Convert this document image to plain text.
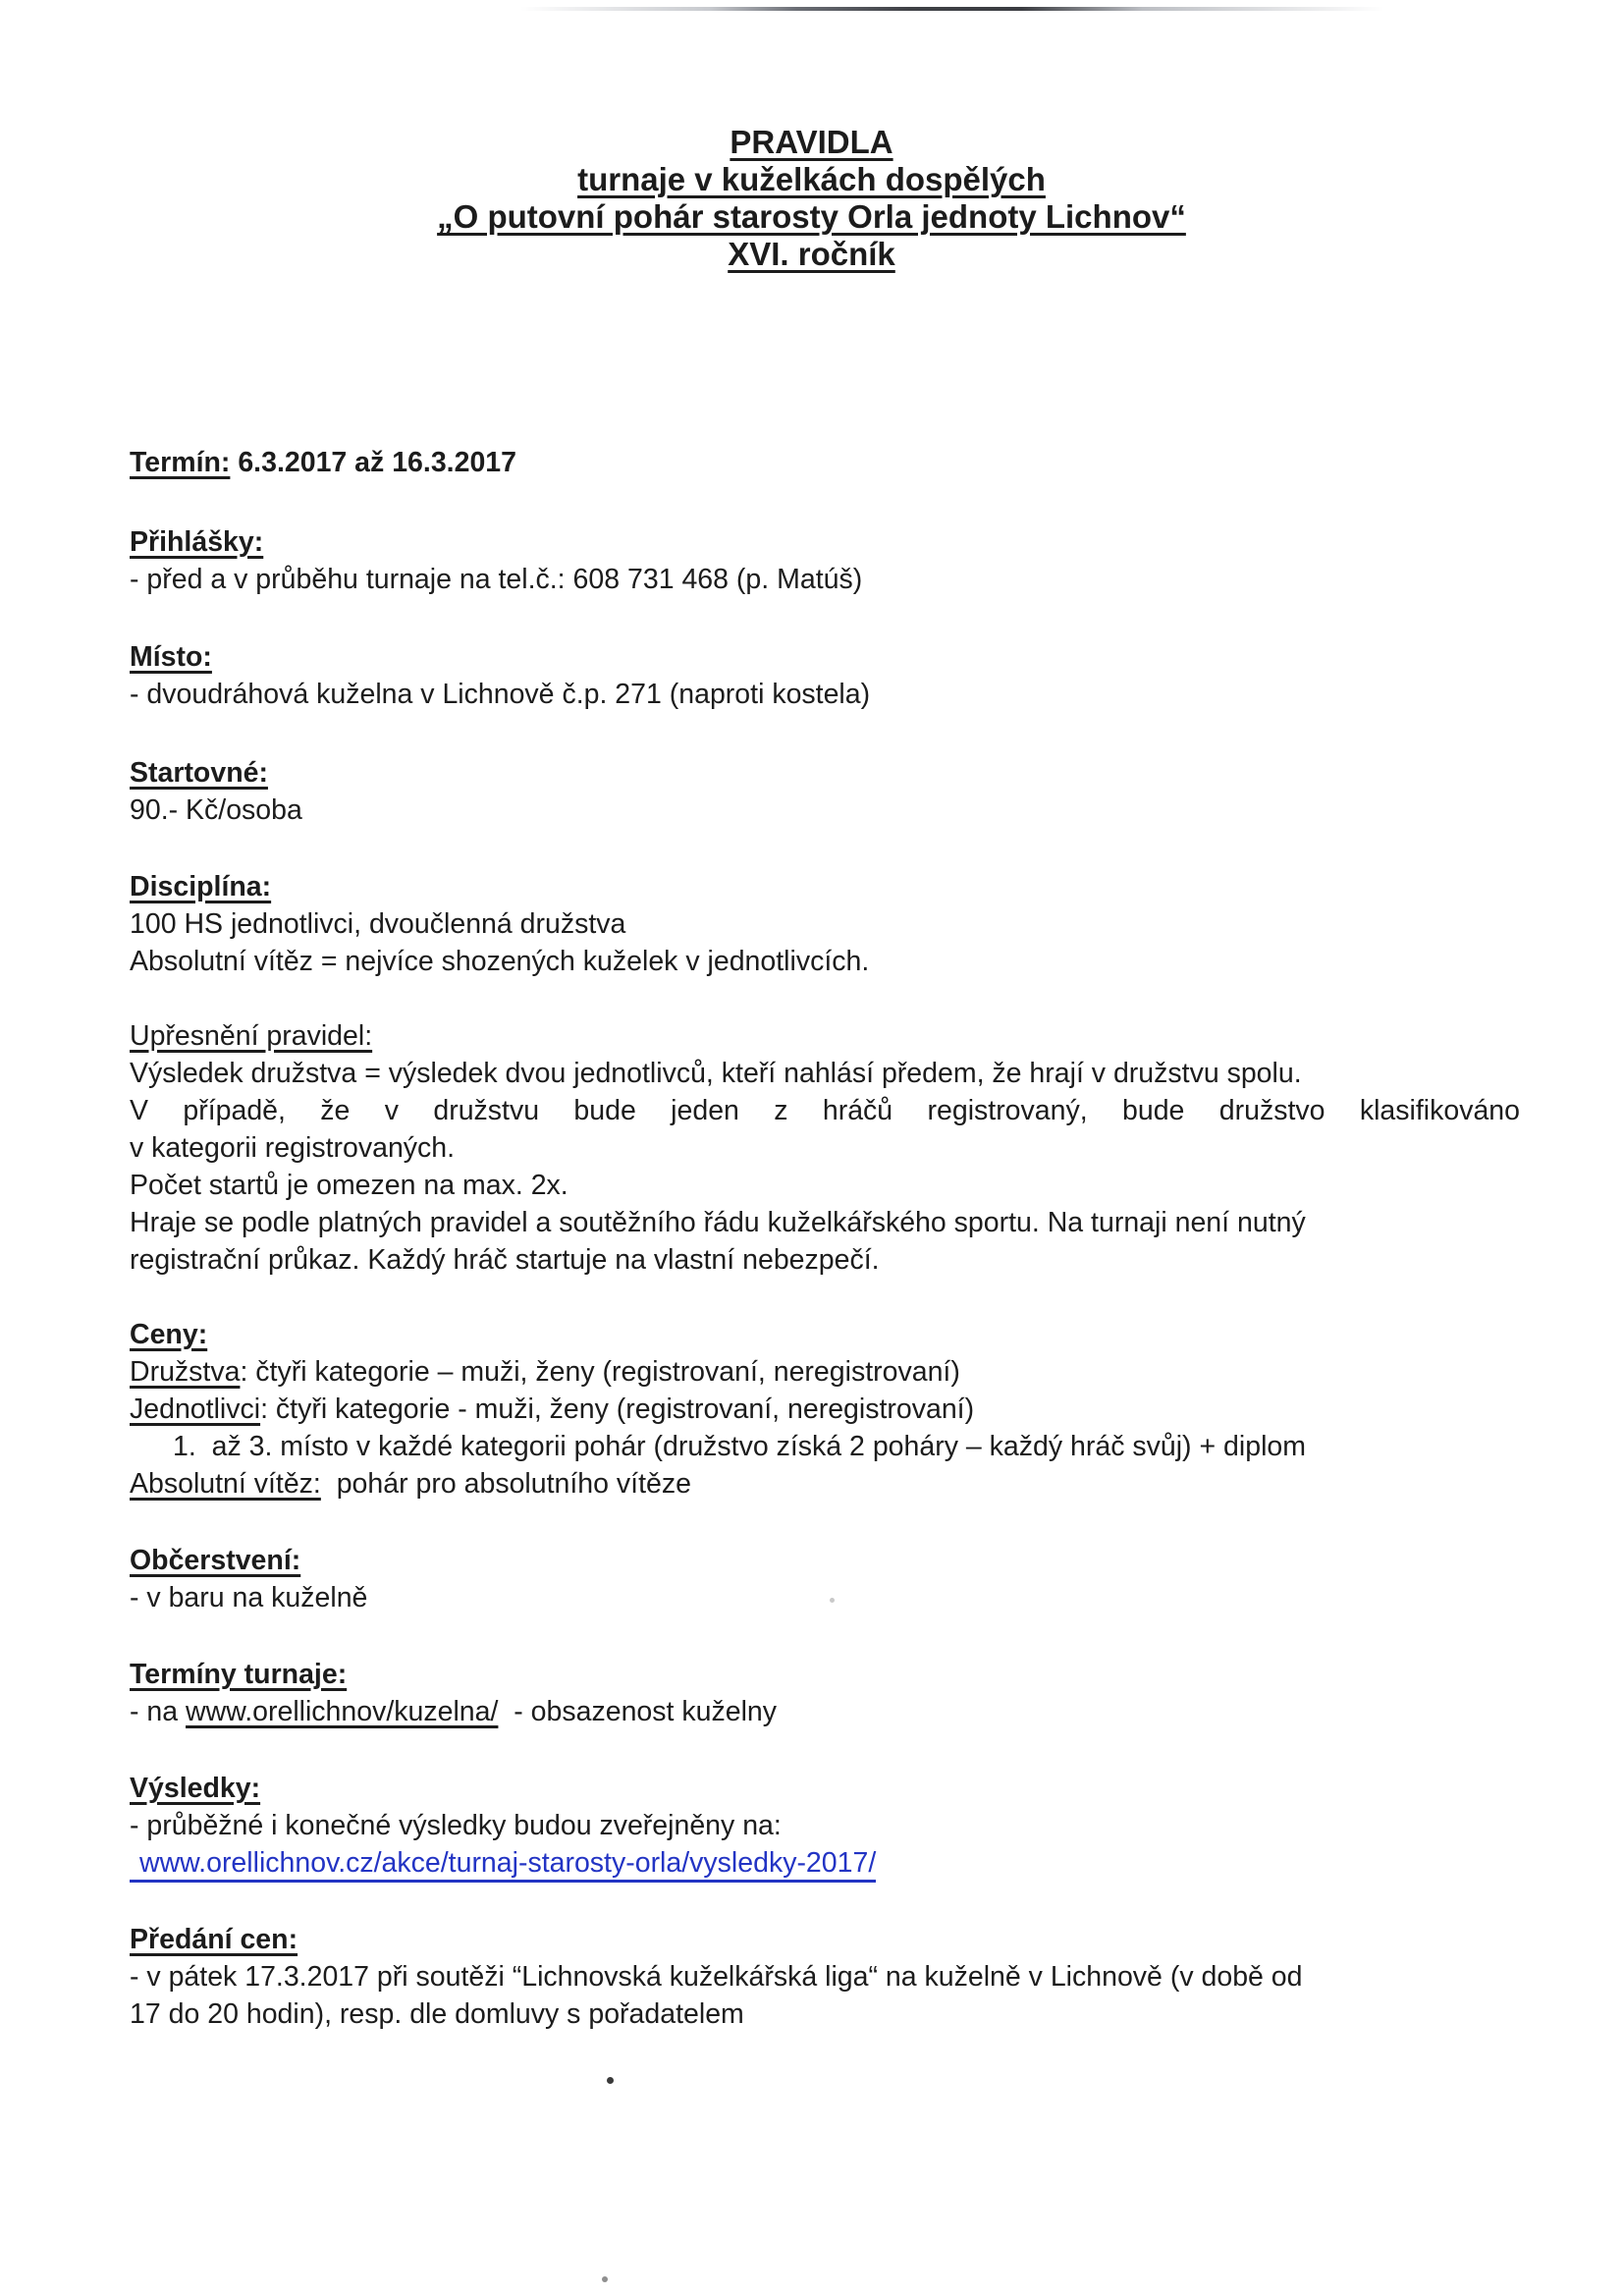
PRAVIDLA
turnaje v kuželkách dospělých
„O putovní pohár starosty Orla jednoty Lichnov“
XVI. ročník
Termín: 6.3.2017 až 16.3.2017
Přihlášky:
- před a v průběhu turnaje na tel.č.: 608 731 468 (p. Matúš)
Místo:
- dvoudráhová kuželna v Lichnově č.p. 271 (naproti kostela)
Startovné:
90.- Kč/osoba
Disciplína:
100 HS jednotlivci, dvoučlenná družstva
Absolutní vítěz = nejvíce shozených kuželek v jednotlivcích.
Upřesnění pravidel:
Výsledek družstva = výsledek dvou jednotlivců, kteří nahlásí předem, že hrají v družstvu spolu.
V případě, že v družstvu bude jeden z hráčů registrovaný, bude družstvo klasifikováno
v kategorii registrovaných.
Počet startů je omezen na max. 2x.
Hraje se podle platných pravidel a soutěžního řádu kuželkářského sportu. Na turnaji není nutný
registrační průkaz. Každý hráč startuje na vlastní nebezpečí.
Ceny:
Družstva: čtyři kategorie – muži, ženy (registrovaní, neregistrovaní)
Jednotlivci: čtyři kategorie - muži, ženy (registrovaní, neregistrovaní)
1.  až 3. místo v každé kategorii pohár (družstvo získá 2 poháry – každý hráč svůj) + diplom
Absolutní vítěz:  pohár pro absolutního vítěze
Občerstvení:
- v baru na kuželně
Termíny turnaje:
- na www.orellichnov/kuzelna/  - obsazenost kuželny
Výsledky:
- průběžné i konečné výsledky budou zveřejněny na:
www.orellichnov.cz/akce/turnaj-starosty-orla/vysledky-2017/
Předání cen:
- v pátek 17.3.2017 při soutěži “Lichnovská kuželkářská liga“ na kuželně v Lichnově (v době od
17 do 20 hodin), resp. dle domluvy s pořadatelem
